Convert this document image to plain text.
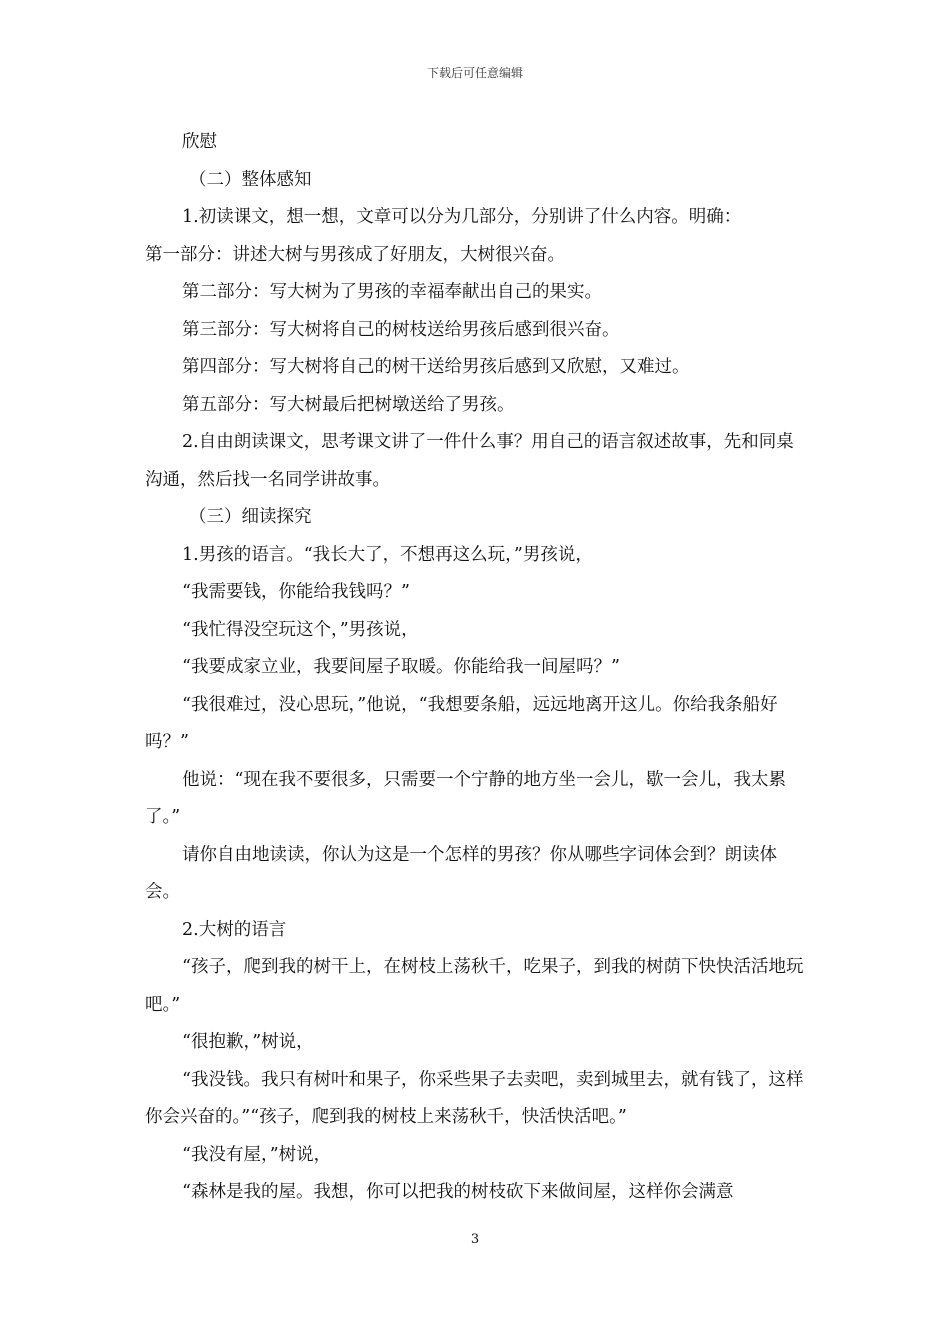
下载后可任意编辑

欣慰

（二）整体感知

1.初读课文，想一想，文章可以分为几部分，分别讲了什么内容。明确：

第一部分：讲述大树与男孩成了好朋友，大树很兴奋。

第二部分：写大树为了男孩的幸福奉献出自己的果实。

第三部分：写大树将自己的树枝送给男孩后感到很兴奋。

第四部分：写大树将自己的树干送给男孩后感到又欣慰，又难过。

第五部分：写大树最后把树墩送给了男孩。

2.自由朗读课文，思考课文讲了一件什么事？用自己的语言叙述故事，先和同桌沟通，然后找一名同学讲故事。

（三）细读探究

1.男孩的语言。“我长大了，不想再这么玩，”男孩说，

“我需要钱，你能给我钱吗？”

“我忙得没空玩这个，”男孩说，

“我要成家立业，我要间屋子取暖。你能给我一间屋吗？”

“我很难过，没心思玩，”他说，“我想要条船，远远地离开这儿。你给我条船好吗？”

他说：“现在我不要很多，只需要一个宁静的地方坐一会儿，歇一会儿，我太累了。”

请你自由地读读，你认为这是一个怎样的男孩？你从哪些字词体会到？朗读体会。

2.大树的语言

“孩子，爬到我的树干上，在树枝上荡秋千，吃果子，到我的树荫下快快活活地玩吧。”

“很抱歉，”树说，

“我没钱。我只有树叶和果子，你采些果子去卖吧，卖到城里去，就有钱了，这样你会兴奋的。”“孩子，爬到我的树枝上来荡秋千，快活快活吧。”

“我没有屋，”树说，

“森林是我的屋。我想，你可以把我的树枝砍下来做间屋，这样你会满意

3
